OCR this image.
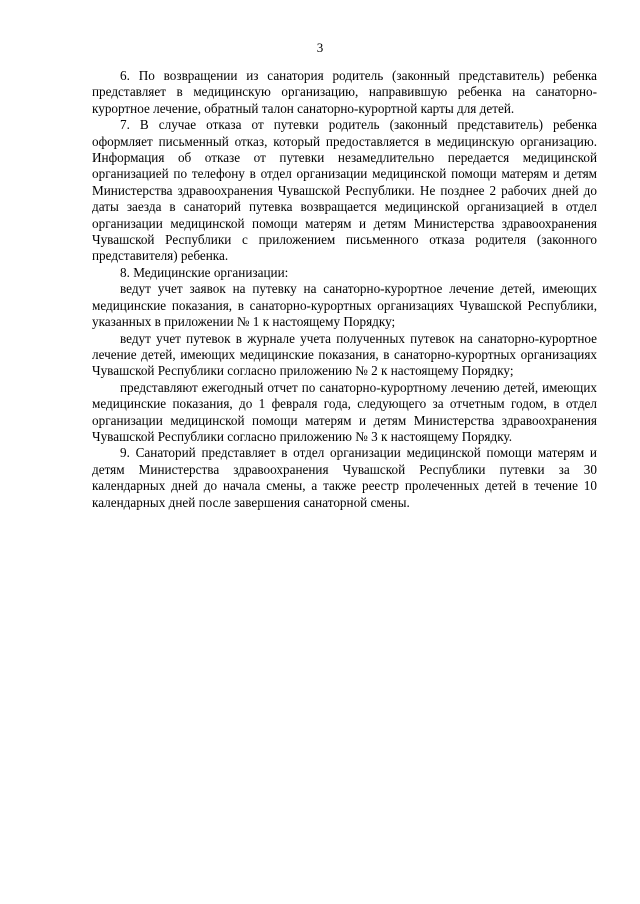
3

6. По возвращении из санатория родитель (законный представитель) ребенка представляет в медицинскую организацию, направившую ребенка на санаторно-курортное лечение, обратный талон санаторно-курортной карты для детей.

7. В случае отказа от путевки родитель (законный представитель) ребенка оформляет письменный отказ, который предоставляется в медицинскую организацию. Информация об отказе от путевки незамедлительно передается медицинской организацией по телефону в отдел организации медицинской помощи матерям и детям Министерства здравоохранения Чувашской Республики. Не позднее 2 рабочих дней до даты заезда в санаторий путевка возвращается медицинской организацией в отдел организации медицинской помощи матерям и детям Министерства здравоохранения Чувашской Республики с приложением письменного отказа родителя (законного представителя) ребенка.

8. Медицинские организации:

ведут учет заявок на путевку на санаторно-курортное лечение детей, имеющих медицинские показания, в санаторно-курортных организациях Чувашской Республики, указанных в приложении № 1 к настоящему Порядку;

ведут учет путевок в журнале учета полученных путевок на санаторно-курортное лечение детей, имеющих медицинские показания, в санаторно-курортных организациях Чувашской Республики согласно приложению № 2 к настоящему Порядку;

представляют ежегодный отчет по санаторно-курортному лечению детей, имеющих медицинские показания, до 1 февраля года, следующего за отчетным годом, в отдел организации медицинской помощи матерям и детям Министерства здравоохранения Чувашской Республики согласно приложению № 3 к настоящему Порядку.

9. Санаторий представляет в отдел организации медицинской помощи матерям и детям Министерства здравоохранения Чувашской Республики путевки за 30 календарных дней до начала смены, а также реестр пролеченных детей в течение 10 календарных дней после завершения санаторной смены.
